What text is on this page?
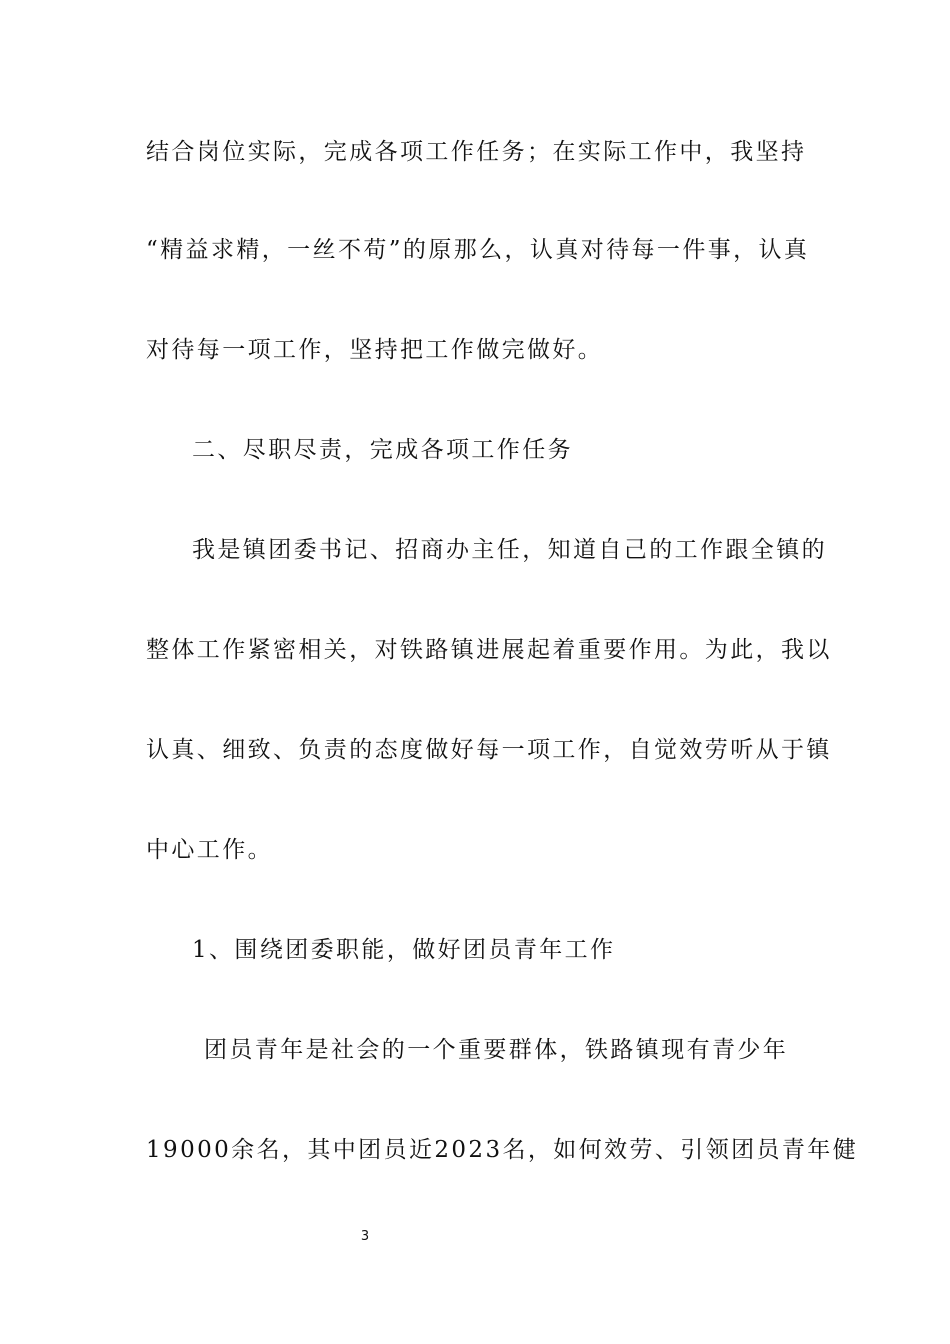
结合岗位实际，完成各项工作任务；在实际工作中，我坚持
“精益求精，一丝不苟”的原那么，认真对待每一件事，认真
对待每一项工作，坚持把工作做完做好。
二、尽职尽责，完成各项工作任务
我是镇团委书记、招商办主任，知道自己的工作跟全镇的
整体工作紧密相关，对铁路镇进展起着重要作用。为此，我以
认真、细致、负责的态度做好每一项工作，自觉效劳听从于镇
中心工作。
1、围绕团委职能，做好团员青年工作
团员青年是社会的一个重要群体，铁路镇现有青少年
19000余名，其中团员近2023名，如何效劳、引领团员青年健
3
